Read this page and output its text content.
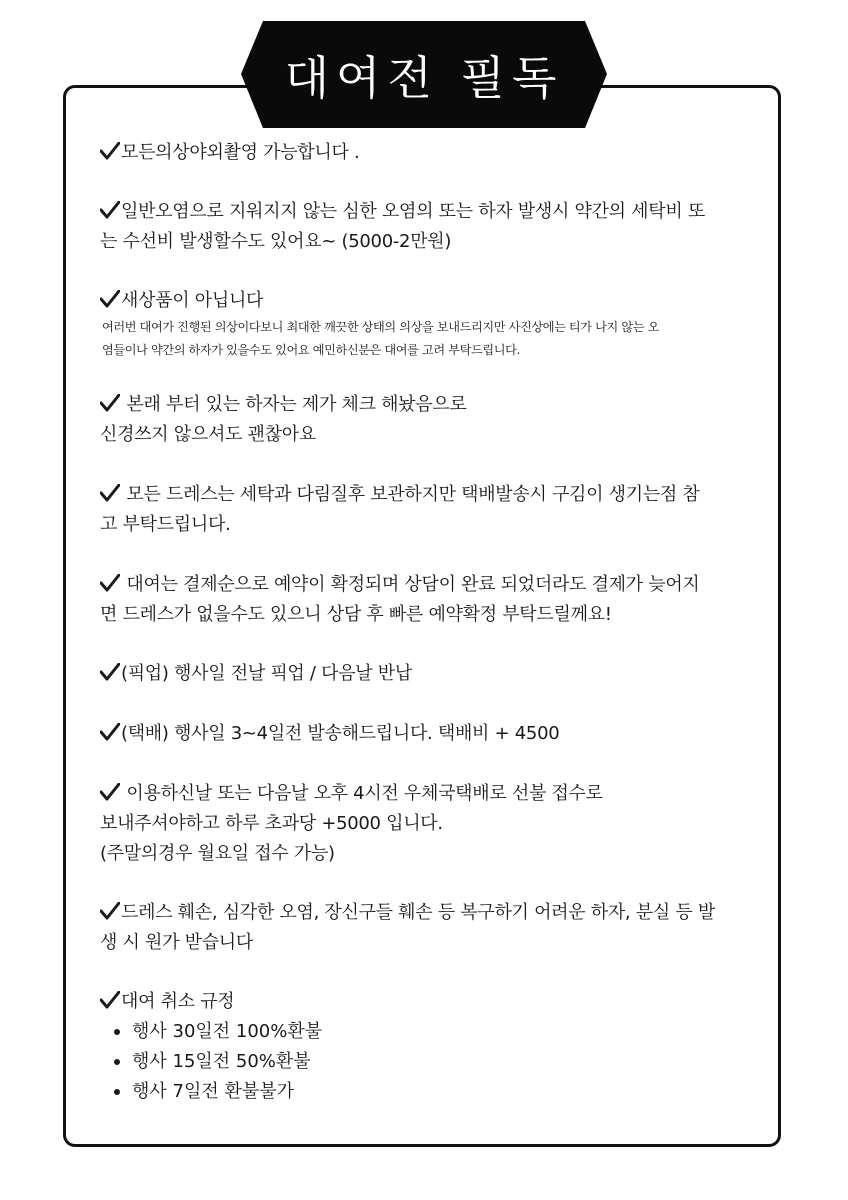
대여전 필독
모든의상야외촬영 가능합니다 .
일반오염으로 지워지지 않는 심한 오염의 또는 하자 발생시 약간의 세탁비 또
는 수선비 발생할수도 있어요~ (5000-2만원)
새상품이 아닙니다
여러번 대여가 진행된 의상이다보니 최대한 깨끗한 상태의 의상을 보내드리지만 사진상에는 티가 나지 않는 오
염들이나 약간의 하자가 있을수도 있어요 예민하신분은 대여를 고려 부탁드립니다.
본래 부터 있는 하자는 제가 체크 해놨음으로
신경쓰지 않으셔도 괜찮아요
모든 드레스는 세탁과 다림질후 보관하지만 택배발송시 구김이 생기는점 참
고 부탁드립니다.
대여는 결제순으로 예약이 확정되며 상담이 완료 되었더라도 결제가 늦어지
면 드레스가 없을수도 있으니 상담 후 빠른 예약확정 부탁드릴께요!
(픽업) 행사일 전날 픽업 / 다음날 반납
(택배) 행사일 3~4일전 발송해드립니다. 택배비 + 4500
이용하신날 또는 다음날 오후 4시전 우체국택배로 선불 접수로
보내주셔야하고 하루 초과당 +5000 입니다.
(주말의경우 월요일 접수 가능)
드레스 훼손, 심각한 오염, 장신구들 훼손 등 복구하기 어려운 하자, 분실 등 발
생 시 원가 받습니다
대여 취소 규정
행사 30일전 100%환불
행사 15일전 50%환불
행사 7일전 환불불가
